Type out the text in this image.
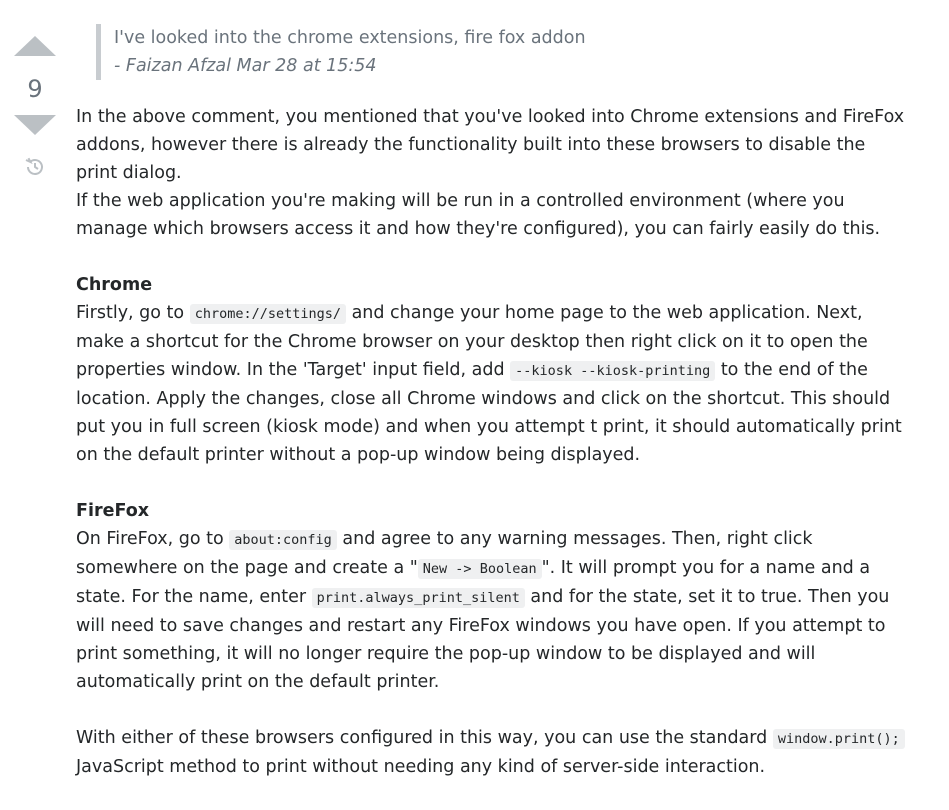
9
I've looked into the chrome extensions, fire fox addon
- Faizan Afzal Mar 28 at 15:54

In the above comment, you mentioned that you've looked into Chrome extensions and FireFox addons, however there is already the functionality built into these browsers to disable the print dialog.

If the web application you're making will be run in a controlled environment (where you manage which browsers access it and how they're configured), you can fairly easily do this.

Chrome

Firstly, go to chrome://settings/ and change your home page to the web application. Next, make a shortcut for the Chrome browser on your desktop then right click on it to open the properties window. In the 'Target' input field, add --kiosk --kiosk-printing to the end of the location. Apply the changes, close all Chrome windows and click on the shortcut. This should put you in full screen (kiosk mode) and when you attempt t print, it should automatically print on the default printer without a pop-up window being displayed.

FireFox

On FireFox, go to about:config and agree to any warning messages. Then, right click somewhere on the page and create a " New -> Boolean ". It will prompt you for a name and a state. For the name, enter print.always_print_silent and for the state, set it to true. Then you will need to save changes and restart any FireFox windows you have open. If you attempt to print something, it will no longer require the pop-up window to be displayed and will automatically print on the default printer.

With either of these browsers configured in this way, you can use the standard window.print(); JavaScript method to print without needing any kind of server-side interaction.
